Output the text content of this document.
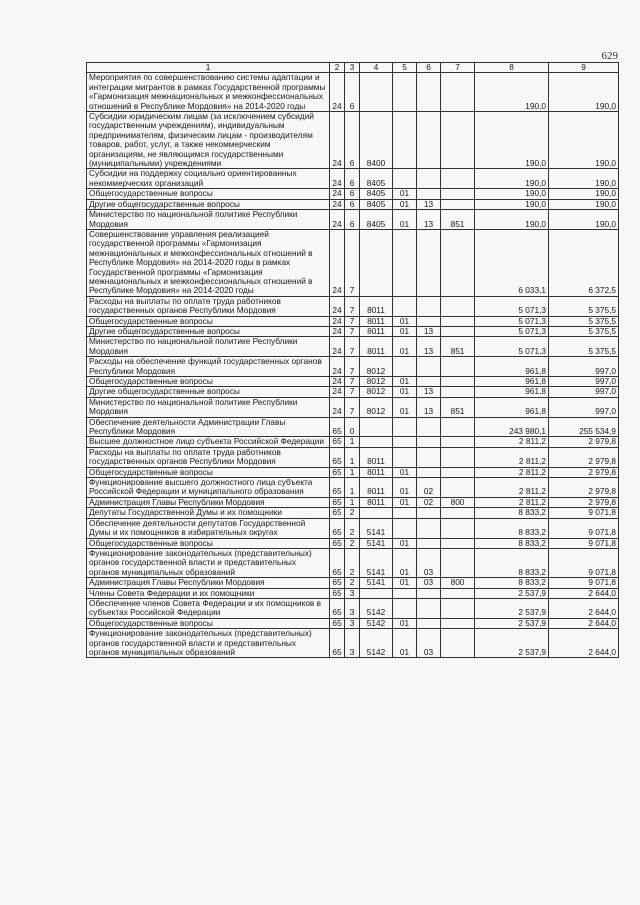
629
1	2	3	4	5	6	7	8	9
Мероприятия по совершенствованию системы адаптации и интеграции мигрантов в рамках Государственной программы «Гармонизация межнациональных и межконфессиональных отношений в Республике Мордовия» на 2014-2020 годы	24	6					190,0	190,0
Субсидии юридическим лицам (за исключением субсидий государственным учреждениям), индивидуальным предпринимателям, физическим лицам - производителям товаров, работ, услуг, а также некоммерческим организациям, не являющимся государственными (муниципальными) учреждениями	24	6	8400				190,0	190,0
Субсидии на поддержку социально ориентированных некоммерческих организаций	24	6	8405				190,0	190,0
Общегосударственные вопросы	24	6	8405	01			190,0	190,0
Другие общегосударственные вопросы	24	6	8405	01	13		190,0	190,0
Министерство по национальной политике Республики Мордовия	24	6	8405	01	13	851	190,0	190,0
Совершенствование управления реализацией государственной программы «Гармонизация межнациональных и межконфессиональных отношений в Республике Мордовия» на 2014-2020 годы в рамках Государственной программы «Гармонизация межнациональных и межконфессиональных отношений в Республике Мордовия» на 2014-2020 годы	24	7					6 033,1	6 372,5
Расходы на выплаты по оплате труда работников государственных органов Республики Мордовия	24	7	8011				5 071,3	5 375,5
Общегосударственные вопросы	24	7	8011	01			5 071,3	5 375,5
Другие общегосударственные вопросы	24	7	8011	01	13		5 071,3	5 375,5
Министерство по национальной политике Республики Мордовия	24	7	8011	01	13	851	5 071,3	5 375,5
Расходы на обеспечение функций государственных органов Республики Мордовия	24	7	8012				961,8	997,0
Общегосударственные вопросы	24	7	8012	01			961,8	997,0
Другие общегосударственные вопросы	24	7	8012	01	13		961,8	997,0
Министерство по национальной политике Республики Мордовия	24	7	8012	01	13	851	961,8	997,0
Обеспечение деятельности Администрации Главы Республики Мордовия	65	0					243 980,1	255 534,9
Высшее должностное лицо субъекта Российской Федерации	65	1					2 811,2	2 979,8
Расходы на выплаты по оплате труда работников государственных органов Республики Мордовия	65	1	8011				2 811,2	2 979,8
Общегосударственные вопросы	65	1	8011	01			2 811,2	2 979,8
Функционирование высшего должностного лица субъекта Российской Федерации и муниципального образования	65	1	8011	01	02		2 811,2	2 979,8
Администрация Главы Республики Мордовия	65	1	8011	01	02	800	2 811,2	2 979,8
Депутаты Государственной Думы и их помощники	65	2					8 833,2	9 071,8
Обеспечение деятельности депутатов Государственной Думы и их помощников в избирательных округах	65	2	5141				8 833,2	9 071,8
Общегосударственные вопросы	65	2	5141	01			8 833,2	9 071,8
Функционирование законодательных (представительных) органов государственной власти и представительных органов муниципальных образований	65	2	5141	01	03		8 833,2	9 071,8
Администрация Главы Республики Мордовия	65	2	5141	01	03	800	8 833,2	9 071,8
Члены Совета Федерации и их помощники	65	3					2 537,9	2 644,0
Обеспечение членов Совета Федерации и их помощников в субъектах Российской Федерации	65	3	5142				2 537,9	2 644,0
Общегосударственные вопросы	65	3	5142	01			2 537,9	2 644,0
Функционирование законодательных (представительных) органов государственной власти и представительных органов муниципальных образований	65	3	5142	01	03		2 537,9	2 644,0
